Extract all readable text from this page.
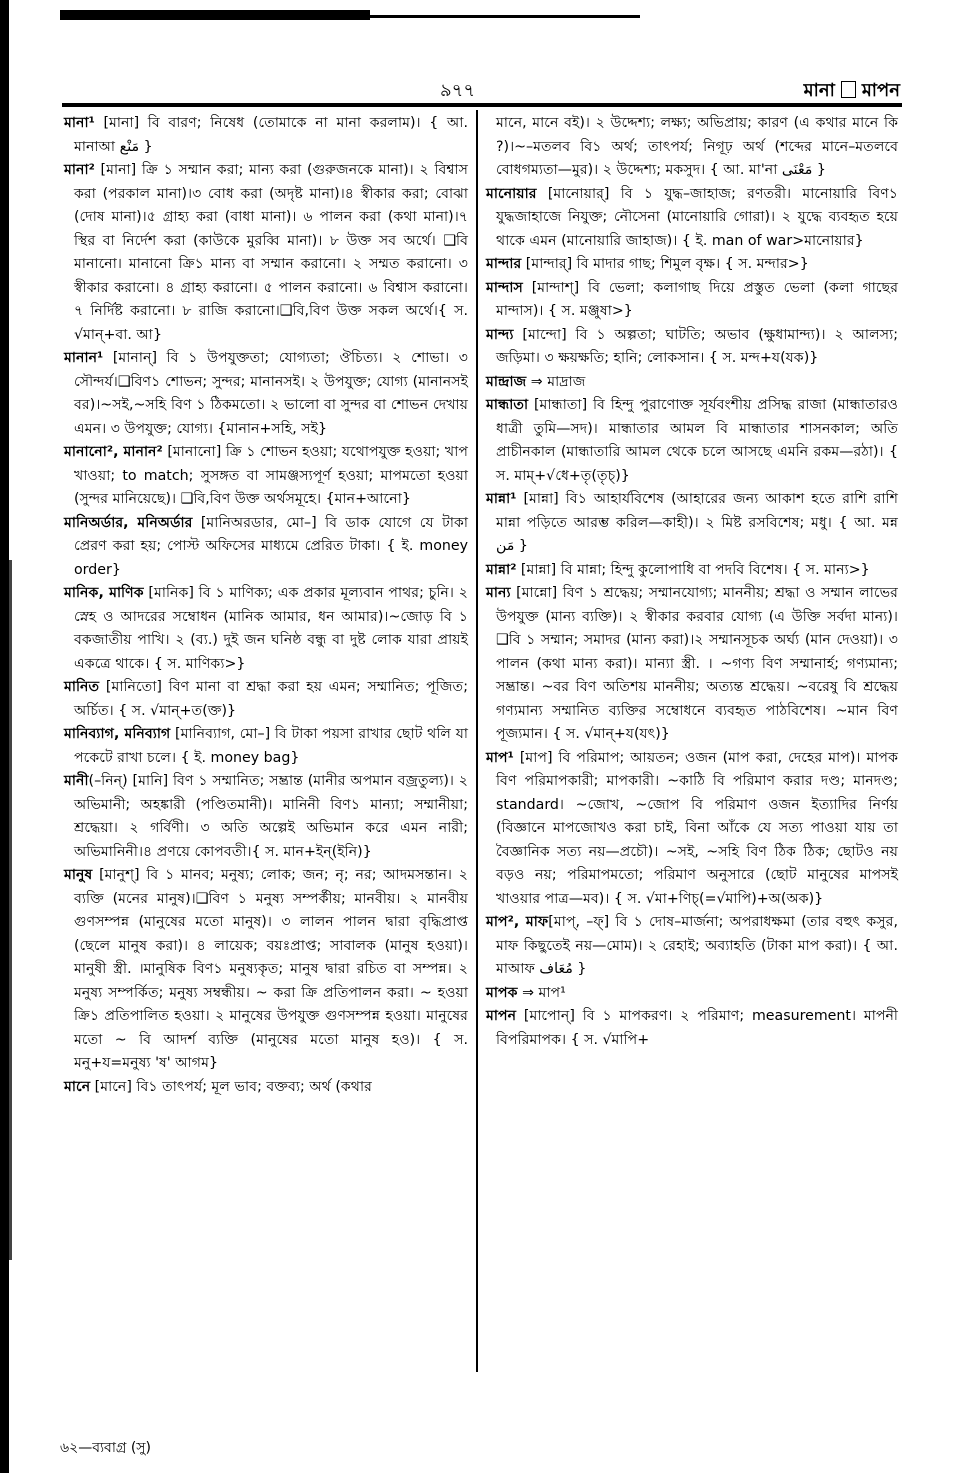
৯৭৭	মানা মাপন

মানা¹ [মানা] বি বারণ; নিষেধ (তোমাকে না মানা করলাম)। { আ. মানাআ مَنْع }

মানা² [মানা] ক্রি ১ সম্মান করা; মান্য করা (গুরুজনকে মানা)। ২ বিশ্বাস করা (পরকাল মানা)।৩ বোধ করা (অদৃষ্ট মানা)।৪ স্বীকার করা; বোঝা (দোষ মানা)।৫ গ্রাহ্য করা (বাধা মানা)। ৬ পালন করা (কথা মানা)।৭ স্থির বা নির্দেশ করা (কাউকে মুরব্বি মানা)। ৮ উক্ত সব অর্থে। ❑বি মানানো। মানানো ক্রি১ মান্য বা সম্মান করানো। ২ সম্মত করানো। ৩ স্বীকার করানো। ৪ গ্রাহ্য করানো। ৫ পালন করানো। ৬ বিশ্বাস করানো। ৭ নির্দিষ্ট করানো। ৮ রাজি করানো।❑বি,বিণ উক্ত সকল অর্থে।{ স. √মান্+বা. আ}

মানান¹ [মানান্] বি ১ উপযুক্ততা; যোগ্যতা; ঔচিত্য। ২ শোভা। ৩ সৌন্দর্য।❑বিণ১ শোভন; সুন্দর; মানানসই। ২ উপযুক্ত; যোগ্য (মানানসই বর)।~সই,~সহি বিণ ১ ঠিকমতো। ২ ভালো বা সুন্দর বা শোভন দেখায় এমন। ৩ উপযুক্ত; যোগ্য। {মানান+সহি, সই}

মানানো², মানান² [মানানো] ক্রি ১ শোভন হওয়া; যথোপযুক্ত হওয়া; খাপ খাওয়া; to match; সুসঙ্গত বা সামঞ্জস্যপূর্ণ হওয়া; মাপমতো হওয়া (সুন্দর মানিয়েছে)। ❑বি,বিণ উক্ত অর্থসমূহে। {মান+আনো}

মানিঅর্ডার, মনিঅর্ডার [মানিঅরডার, মো–] বি ডাক যোগে যে টাকা প্রেরণ করা হয়; পোস্ট অফিসের মাধ্যমে প্রেরিত টাকা। { ই. money order}

মানিক, মাণিক [মানিক] বি ১ মাণিক্য; এক প্রকার মূল্যবান পাথর; চুনি। ২ স্নেহ ও আদরের সম্বোধন (মানিক আমার, ধন আমার)।~জোড় বি ১ বকজাতীয় পাখি। ২ (ব্য.) দুই জন ঘনিষ্ঠ বন্ধু বা দুষ্ট লোক যারা প্রায়ই একত্রে থাকে। { স. মাণিক্য>}

মানিত [মানিতো] বিণ মানা বা শ্রদ্ধা করা হয় এমন; সম্মানিত; পূজিত; অর্চিত। { স. √মান্+ত(ক্ত)}

মানিব্যাগ, মনিব্যাগ [মানিব্যাগ, মো–] বি টাকা পয়সা রাখার ছোট থলি যা পকেটে রাখা চলে। { ই. money bag}

মানী(–নিন্) [মানি] বিণ ১ সম্মানিত; সম্ভ্রান্ত (মানীর অপমান বজ্রতুল্য)। ২ অভিমানী; অহঙ্কারী (পণ্ডিতমানী)। মানিনী বিণ১ মান্যা; সম্মানীয়া; শ্রদ্ধেয়া। ২ গর্বিণী। ৩ অতি অল্পেই অভিমান করে এমন নারী; অভিমানিনী।৪ প্রণয়ে কোপবতী।{ স. মান+ইন্(ইনি)}

মানুষ [মানুশ্] বি ১ মানব; মনুষ্য; লোক; জন; নৃ; নর; আদমসন্তান। ২ ব্যক্তি (মনের মানুষ)।❑বিণ ১ মনুষ্য সম্পর্কীয়; মানবীয়। ২ মানবীয় গুণসম্পন্ন (মানুষের মতো মানুষ)। ৩ লালন পালন দ্বারা বৃদ্ধিপ্রাপ্ত (ছেলে মানুষ করা)। ৪ লায়েক; বয়ঃপ্রাপ্ত; সাবালক (মানুষ হওয়া)। মানুষী স্ত্রী. ।মানুষিক বিণ১ মনুষ্যকৃত; মানুষ দ্বারা রচিত বা সম্পন্ন। ২ মনুষ্য সম্পর্কিত; মনুষ্য সম্বন্ধীয়। ~ করা ক্রি প্রতিপালন করা। ~ হওয়া ক্রি১ প্রতিপালিত হওয়া। ২ মানুষের উপযুক্ত গুণসম্পন্ন হওয়া। মানুষের মতো ~ বি আদর্শ ব্যক্তি (মানুষের মতো মানুষ হও)। { স. মনু+য=মনুষ্য 'ষ' আগম}

মানে [মানে] বি১ তাৎপর্য; মূল ভাব; বক্তব্য; অর্থ (কথার

মানে, মানে বই)। ২ উদ্দেশ্য; লক্ষ্য; অভিপ্রায়; কারণ (এ কথার মানে কি ?)।~–মতলব বি১ অর্থ; তাৎপর্য; নিগূঢ় অর্থ (শব্দের মানে–মতলবে বোধগম্যতা—মুর)। ২ উদ্দেশ্য; মকসুদ। { আ. মা'না مَعْنَى }

মানোয়ার [মানোয়ার্] বি ১ যুদ্ধ–জাহাজ; রণতরী। মানোয়ারি বিণ১ যুদ্ধজাহাজে নিযুক্ত; নৌসেনা (মানোয়ারি গোরা)। ২ যুদ্ধে ব্যবহৃত হয়ে থাকে এমন (মানোয়ারি জাহাজ)। { ই. man of war>মানোয়ার}

মান্দার [মান্দার্] বি মাদার গাছ; শিমুল বৃক্ষ। { স. মন্দার>}

মান্দাস [মান্দাশ্] বি ভেলা; কলাগাছ দিয়ে প্রস্তুত ভেলা (কলা গাছের মান্দাস)। { স. মঞ্জুষা>}

মান্দ্য [মান্দো] বি ১ অল্পতা; ঘাটতি; অভাব (ক্ষুধামান্দ্য)। ২ আলস্য; জড়িমা। ৩ ক্ষয়ক্ষতি; হানি; লোকসান। { স. মন্দ+য(যক)}

মান্দ্রাজ ⇒ মাদ্রাজ

মান্ধাতা [মান্ধাতা] বি হিন্দু পুরাণোক্ত সূর্যবংশীয় প্রসিদ্ধ রাজা (মান্ধাতারও ধাত্রী তুমি—সদ)। মান্ধাতার আমল বি মান্ধাতার শাসনকাল; অতি প্রাচীনকাল (মান্ধাতারি আমল থেকে চলে আসছে এমনি রকম—রঠা)। { স. মাম্+√ধে+তৃ(তৃচ্)}

মান্না¹ [মান্না] বি১ আহার্যবিশেষ (আহারের জন্য আকাশ হতে রাশি রাশি মান্না পড়িতে আরম্ভ করিল—কাহী)। ২ মিষ্ট রসবিশেষ; মধু। { আ. মন্ন مَن }

মান্না² [মান্না] বি মান্না; হিন্দু কুলোপাধি বা পদবি বিশেষ। { স. মান্য>}

মান্য [মান্নো] বিণ ১ শ্রদ্ধেয়; সম্মানযোগ্য; মাননীয়; শ্রদ্ধা ও সম্মান লাভের উপযুক্ত (মান্য ব্যক্তি)। ২ স্বীকার করবার যোগ্য (এ উক্তি সর্বদা মান্য)।❑বি ১ সম্মান; সমাদর (মান্য করা)।২ সম্মানসূচক অর্ঘ্য (মান দেওয়া)। ৩ পালন (কথা মান্য করা)। মান্যা স্ত্রী. । ~গণ্য বিণ সম্মানার্হ; গণ্যমান্য; সম্ভ্রান্ত। ~বর বিণ অতিশয় মাননীয়; অত্যন্ত শ্রদ্ধেয়। ~বরেষু বি শ্রদ্ধেয় গণ্যমান্য সম্মানিত ব্যক্তির সম্বোধনে ব্যবহৃত পাঠবিশেষ। ~মান বিণ পূজ্যমান। { স. √মান্+য(যৎ)}

মাপ¹ [মাপ] বি পরিমাপ; আয়তন; ওজন (মাপ করা, দেহের মাপ)। মাপক বিণ পরিমাপকারী; মাপকারী। ~কাঠি বি পরিমাণ করার দণ্ড; মানদণ্ড; standard। ~জোখ, ~জোপ বি পরিমাণ ওজন ইত্যাদির নির্ণয় (বিজ্ঞানে মাপজোখও করা চাই, বিনা আঁকে যে সত্য পাওয়া যায় তা বৈজ্ঞানিক সত্য নয়—প্রচৌ)। ~সই, ~সহি বিণ ঠিক ঠিক; ছোটও নয় বড়ও নয়; পরিমাপমতো; পরিমাণ অনুসারে (ছোট মানুষের মাপসই খাওয়ার পাত্র—মব)। { স. √মা+ণিচ্(=√মাপি)+অ(অক)}

মাপ², মাফ[মাপ্, –ফ্] বি ১ দোষ–মার্জনা; অপরাধক্ষমা (তার বহুৎ কসুর, মাফ কিছুতেই নয়—মোম)। ২ রেহাই; অব্যাহতি (টাকা মাপ করা)। { আ. মাআফ مُعَاف }

মাপক ⇒ মাপ¹

মাপন [মাপোন্] বি ১ মাপকরণ। ২ পরিমাণ; measurement। মাপনী বিপরিমাপক। { স. √মাপি+

৬২—ব্যবাগ্র (সু)
